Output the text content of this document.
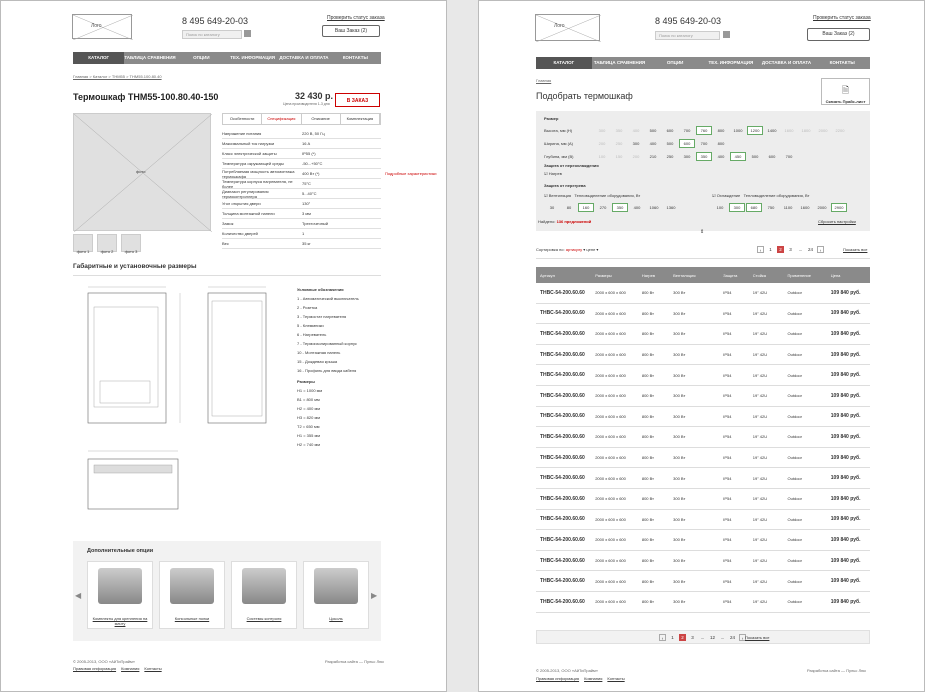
Лого	8 495 649-20-03
Поиск по каталогу
Проверить статус заказа
Ваш Заказ (2)
КАТАЛОГ	ТАБЛИЦА СРАВНЕНИЯ	ОПЦИИ	ТЕХ. ИНФОРМАЦИЯ ДОСТАВКА И ОПЛАТА	КОНТАКТЫ
Главная > Каталог > ТНМ55 > ТНМ55.100.80.40
Термошкаф ТНМ55-100.80.40-150	32 430 р.
Цена производителя 1-3 дня	В ЗАКАЗ
фото
фото 1	фото 2	фото 3
Особенности	Спецификация	Описание	Комплектация
Напряжение питания	220 В, 50 Гц
Максимальный ток нагрузки	16 А
Класс электрической защиты	IP55 (*)
Температура окружающей среды	-50...+50°С
Потребляемая мощность автомонтажа термошкафа	400 Вт (*)
Температура корпуса нагревателя, не более	75°С
Диапазон регулирования термоконтроллера	5...40°С
Угол открытия двери	130°
Толщина монтажной панели	3 мм
Замок	Трехточечный
Количество дверей	1
Вес	35 кг
Подробные характеристики
Габаритные и установочные размеры
Условные обозначения
1 - Автоматический выключатель
2 - Розетка
3 - Термостат нагревателя
5 - Клеммники
6 - Нагреватель
7 - Термоизолированный корпус
10 - Монтажная панель
15 - Дождевая крыша
16 - Профиль для ввода кабеля
Размеры
H1 = 1000 мм
B1 = 800 мм
H2 = 400 мм
H3 = 820 мм
T2 = 650 мм
H1 = 355 мм
H2 = 740 мм
Дополнительные опции
◀	▶
Комплекты для крепления на мачту
Консольные полки	Системы контроля	Цоколь
© 2005-2013, ООО «АйТиПрайм»
Правовая информация Компания Контакты
Разработка сайта — Пульс Люс
Лого	8 495 649-20-03
Поиск по каталогу
Проверить статус заказа
Ваш Заказ (2)
КАТАЛОГ	ТАБЛИЦА СРАВНЕНИЯ	ОПЦИИ	ТЕХ. ИНФОРМАЦИЯ	ДОСТАВКА И ОПЛАТА	КОНТАКТЫ
Главная
Подобрать термошкаф
🗎
Скачать Прайс-лист
Размер
Высота, мм (H)	300	350	400	500	600	700	760	800	1000	1200	1400	1600	1800	2000	2200
Ширина, мм (A)	200	250	300	400	500	600	700	800
Глубина, мм (B)	100	150	200	210	250	300	350	400	450	500	600	700
Защита от переохлаждения
☑ Нагрев
Защита от перегрева
☑ Вентиляция Тепловыделение оборудования, Вт
30	80	160	270	350	400 1060 1360
☑ Охлаждение Тепловыделение оборудования, Вт
100	300	680	750 1100 1600 2000 2900
Найдено: 136 предложений	Сбросить настройки
⇕
Сортировка по: артикулу ▾ цене ▾	‹	1	2	3	...	24	›	Показать все
Артикул	Размеры	Нагрев	Вентиляция	Защита	Стойка	Применение	Цена
ТНВС-54-200.60.60	2000 х 600 х 600	800 Вт	300 Вт	IP54	19" 42U	Outdoor	109 840 руб.
ТНВС-54-200.60.60	2000 х 600 х 600	800 Вт	300 Вт	IP54	19" 42U	Outdoor	109 840 руб.
ТНВС-54-200.60.60	2000 х 600 х 600	800 Вт	300 Вт	IP54	19" 42U	Outdoor	109 840 руб.
ТНВС-54-200.60.60	2000 х 600 х 600	800 Вт	300 Вт	IP54	19" 42U	Outdoor	109 840 руб.
ТНВС-54-200.60.60	2000 х 600 х 600	800 Вт	300 Вт	IP54	19" 42U	Outdoor	109 840 руб.
ТНВС-54-200.60.60	2000 х 600 х 600	800 Вт	300 Вт	IP54	19" 42U	Outdoor	109 840 руб.
ТНВС-54-200.60.60	2000 х 600 х 600	800 Вт	300 Вт	IP54	19" 42U	Outdoor	109 840 руб.
ТНВС-54-200.60.60	2000 х 600 х 600	800 Вт	300 Вт	IP54	19" 42U	Outdoor	109 840 руб.
ТНВС-54-200.60.60	2000 х 600 х 600	800 Вт	300 Вт	IP54	19" 42U	Outdoor	109 840 руб.
ТНВС-54-200.60.60	2000 х 600 х 600	800 Вт	300 Вт	IP54	19" 42U	Outdoor	109 840 руб.
ТНВС-54-200.60.60	2000 х 600 х 600	800 Вт	300 Вт	IP54	19" 42U	Outdoor	109 840 руб.
ТНВС-54-200.60.60	2000 х 600 х 600	800 Вт	300 Вт	IP54	19" 42U	Outdoor	109 840 руб.
ТНВС-54-200.60.60	2000 х 600 х 600	800 Вт	300 Вт	IP54	19" 42U	Outdoor	109 840 руб.
ТНВС-54-200.60.60	2000 х 600 х 600	800 Вт	300 Вт	IP54	19" 42U	Outdoor	109 840 руб.
ТНВС-54-200.60.60	2000 х 600 х 600	800 Вт	300 Вт	IP54	19" 42U	Outdoor	109 840 руб.
ТНВС-54-200.60.60	2000 х 600 х 600	800 Вт	300 Вт	IP54	19" 42U	Outdoor	109 840 руб.
‹	1	2	3	...	12	...	24	› Показать все
© 2005-2013, ООО «АйТиПрайм»
Правовая информация Компания Контакты
Разработка сайта — Пульс Люс
